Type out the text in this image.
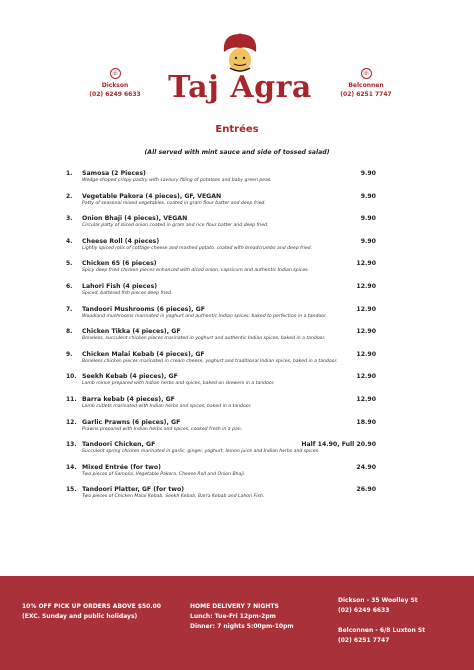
☏
Dickson
(02) 6249 6633 Taj Agra	☏
Belconnen
(02) 6251 7747
Entrées
(All served with mint sauce and side of tossed salad)
1. Samosa (2 Pieces)
Wedge-shaped crispy pastry with savoury filling of potatoes and baby green peas.
9.90
2. Vegetable Pakora (4 pieces), GF, VEGAN
Patty of seasonal mixed vegetables, coated in gram flour batter and deep fried.
9.90
3. Onion Bhaji (4 pieces), VEGAN
Circular patty of sliced onion coated in gram and rice flour batter and deep fried.
9.90
4. Cheese Roll (4 pieces)
Lightly spiced rolls of cottage cheese and mashed potato, coated with breadcrumbs and deep fried.
9.90
5. Chicken 65 (6 pieces)
Spicy deep fried chicken pieces enhanced with diced onion, capsicum and authentic Indian spices.
12.90
6. Lahori Fish (4 pieces)
Spiced, battered fish pieces deep fried.
12.90
7. Tandoori Mushrooms (6 pieces), GF
Woodland mushrooms marinated in yoghurt and authentic Indian spices, baked to perfection in a tandoor.
12.90
8. Chicken Tikka (4 pieces), GF
Boneless, succulent chicken pieces marinated in yoghurt and authentic Indian spices, baked in a tandoor.
12.90
9. Chicken Malai Kebab (4 pieces), GF
Boneless chicken pieces marinated in cream cheese, yoghurt and traditional Indian spices, baked in a tandoor.
12.90
10. Seekh Kebab (4 pieces), GF
Lamb mince prepared with Indian herbs and spices, baked on skewers in a tandoor.
12.90
11. Barra kebab (4 pieces), GF
Lamb cutlets marinated with Indian herbs and spices, baked in a tandoor.
12.90
12. Garlic Prawns (6 pieces), GF
Prawns prepared with Indian herbs and spices, cooked fresh in a pan.
18.90
13. Tandoori Chicken, GF
Succulent spring chicken marinated in garlic, ginger, yoghurt, lemon juice and Indian herbs and spices.
Half 14.90, Full 20.90
14. Mixed Entrée (for two)
Two pieces of Samosa, Vegetable Pakora, Cheese Roll and Onion Bhaji.
24.90
15. Tandoori Platter, GF (for two)
Two pieces of Chicken Malai Kebab, Seekh Kebab, Barra Kebab and Lahori Fish.
26.90
10% OFF PICK UP ORDERS ABOVE $50.00
(EXC. Sunday and public holidays)
HOME DELIVERY 7 NIGHTS
Lunch: Tue-Fri 12pm-2pm
Dinner: 7 nights 5:00pm-10pm
Dickson - 35 Woolley St
(02) 6249 6633
Belconnen - 6/8 Luxton St
(02) 6251 7747
